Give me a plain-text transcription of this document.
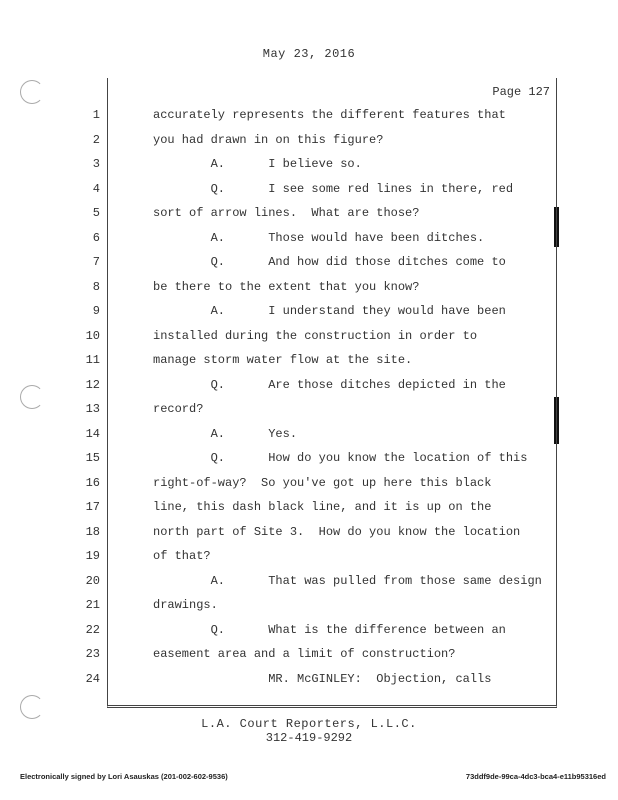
May 23, 2016
Page 127
1	accurately represents the different features that
2	you had drawn in on this figure?
3	A.      I believe so.
4	Q.      I see some red lines in there, red
5	sort of arrow lines.  What are those?
6	A.      Those would have been ditches.
7	Q.      And how did those ditches come to
8	be there to the extent that you know?
9	A.      I understand they would have been
10	installed during the construction in order to
11	manage storm water flow at the site.
12	Q.      Are those ditches depicted in the
13	record?
14	A.      Yes.
15	Q.      How do you know the location of this
16	right-of-way?  So you've got up here this black
17	line, this dash black line, and it is up on the
18	north part of Site 3.  How do you know the location
19	of that?
20	A.      That was pulled from those same design
21	drawings.
22	Q.      What is the difference between an
23	easement area and a limit of construction?
24	MR. McGINLEY:  Objection, calls
L.A. Court Reporters, L.L.C.
312-419-9292
Electronically signed by Lori Asauskas (201-002-602-9536)	73ddf9de-99ca-4dc3-bca4-e11b95316ed
